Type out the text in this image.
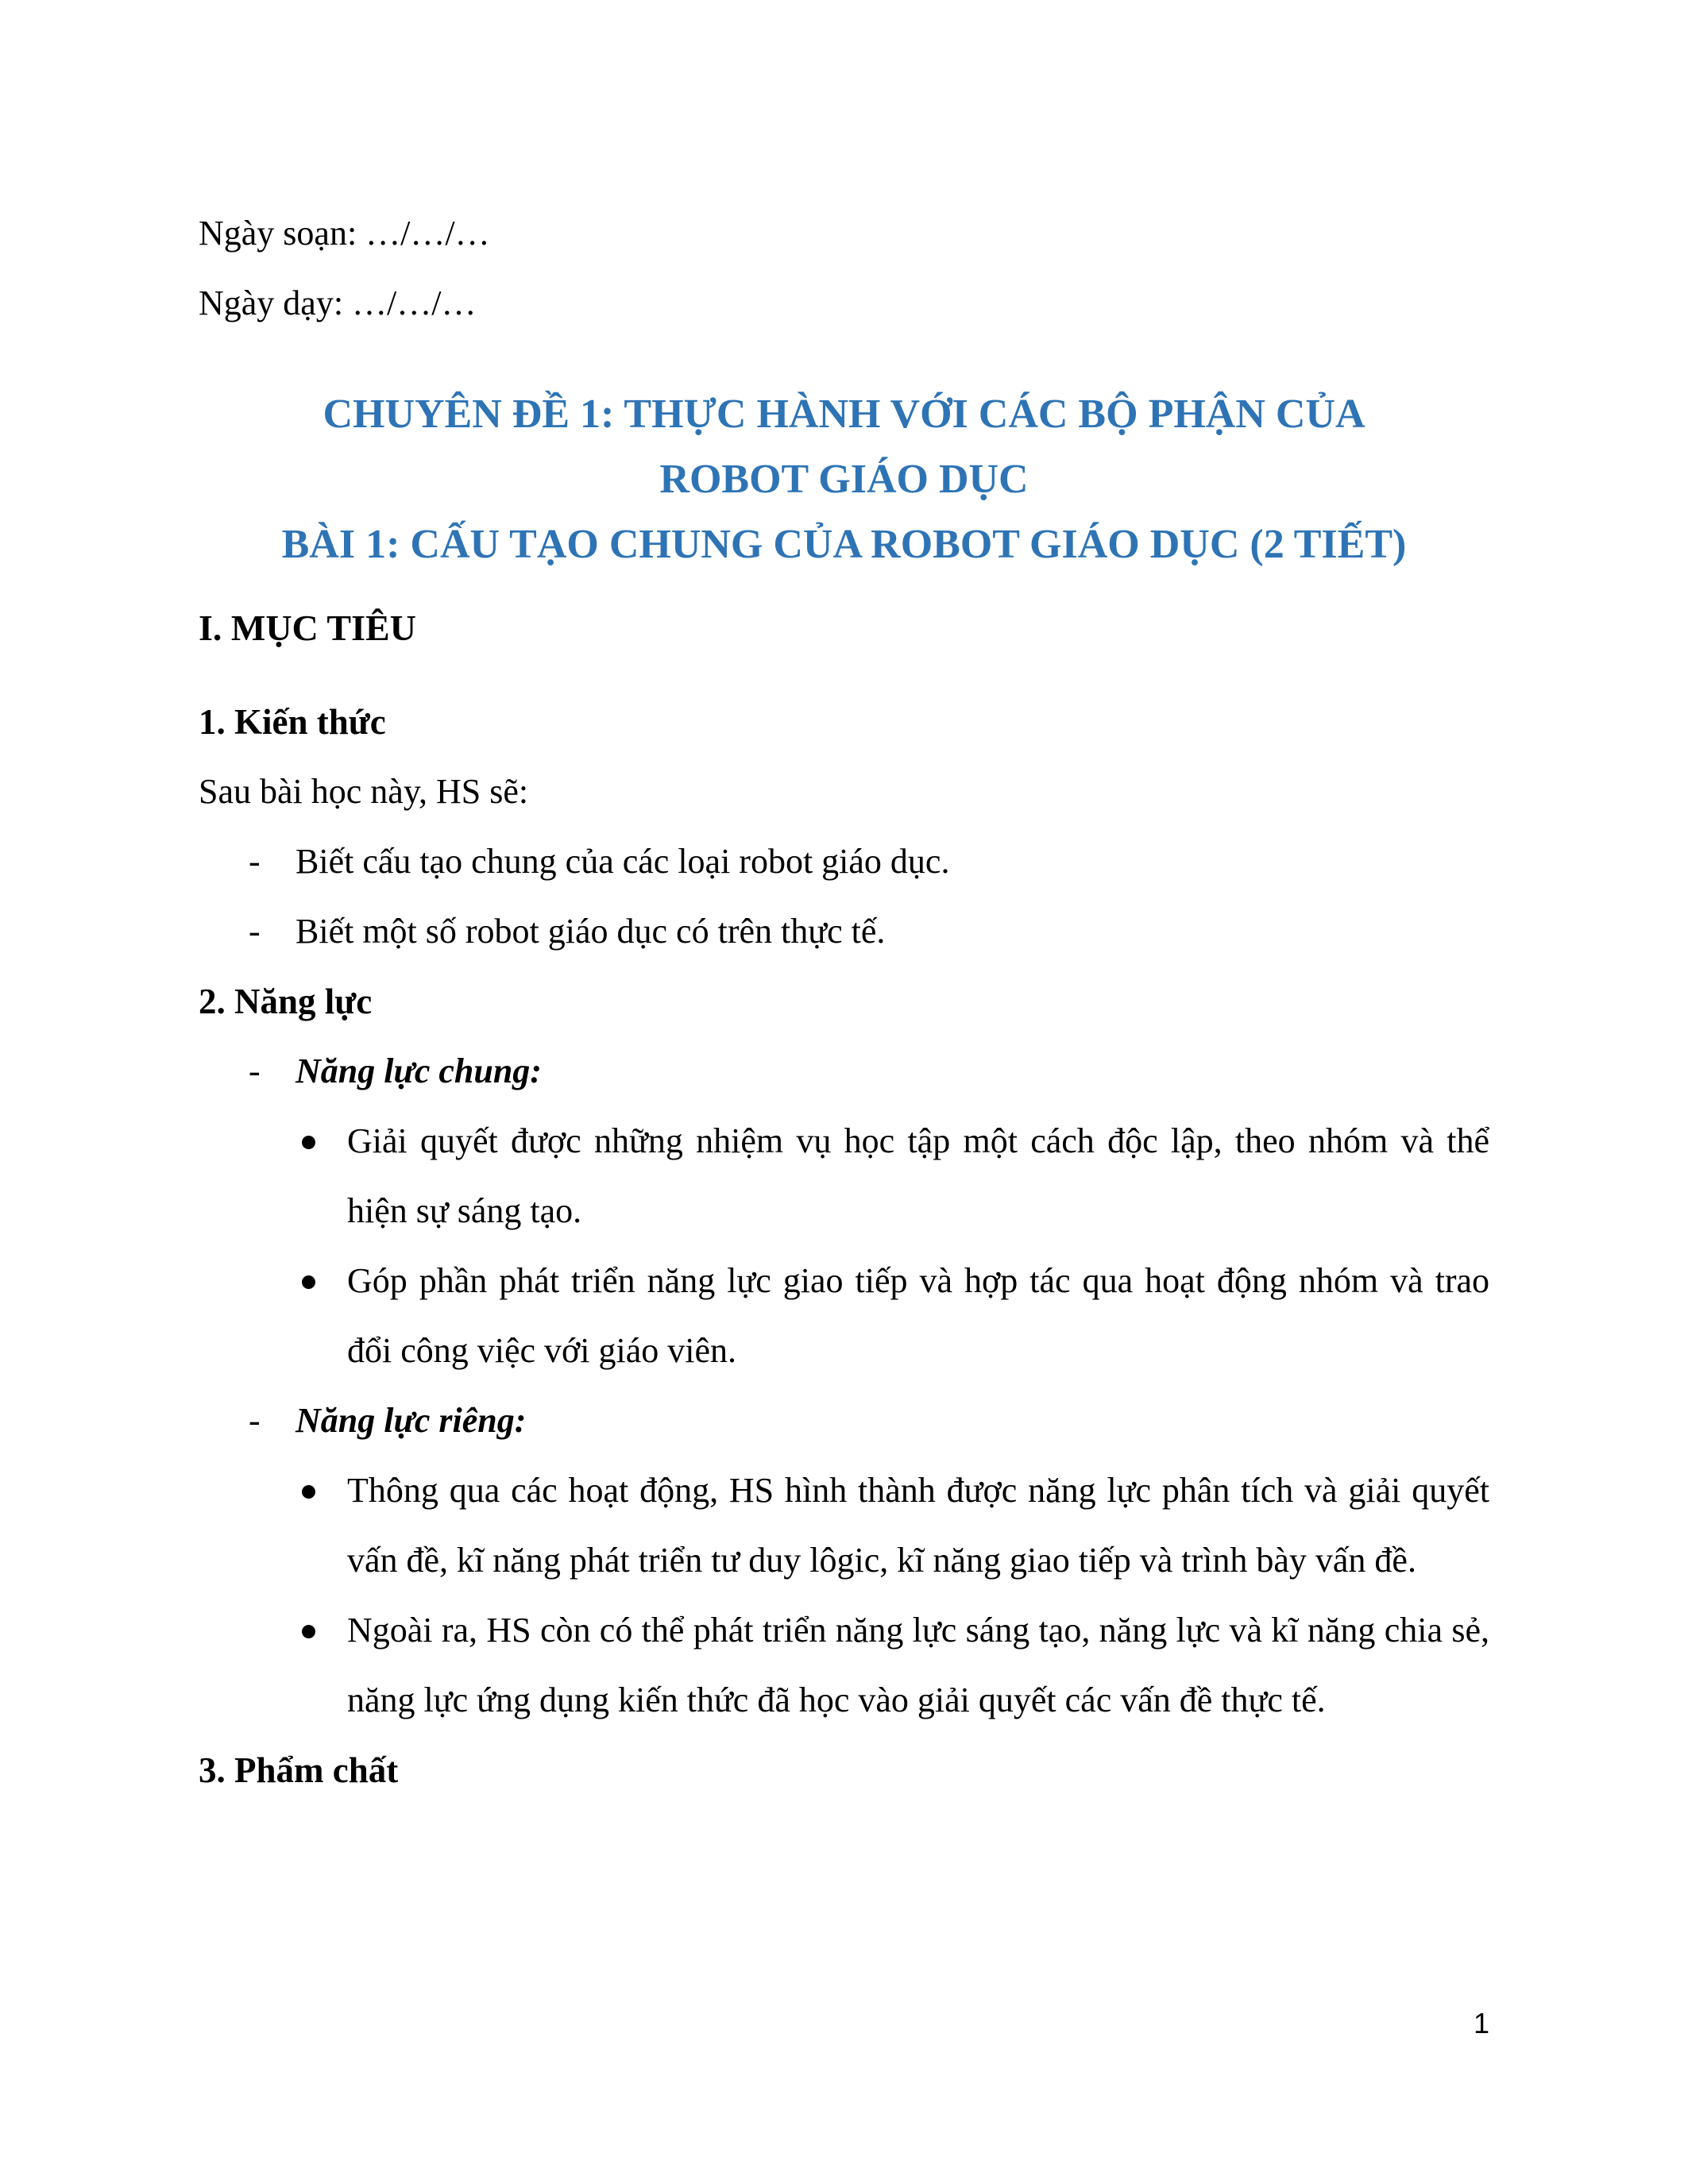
Ngày soạn: …/…/…

Ngày dạy: …/…/…

CHUYÊN ĐỀ 1: THỰC HÀNH VỚI CÁC BỘ PHẬN CỦA
ROBOT GIÁO DỤC
BÀI 1: CẤU TẠO CHUNG CỦA ROBOT GIÁO DỤC (2 TIẾT)
I. MỤC TIÊU
1. Kiến thức

Sau bài học này, HS sẽ:

- Biết cấu tạo chung của các loại robot giáo dục.
- Biết một số robot giáo dục có trên thực tế.
2. Năng lực
- Năng lực chung:
Giải quyết được những nhiệm vụ học tập một cách độc lập, theo nhóm và thể hiện sự sáng tạo.
Góp phần phát triển năng lực giao tiếp và hợp tác qua hoạt động nhóm và trao đổi công việc với giáo viên.
- Năng lực riêng:
Thông qua các hoạt động, HS hình thành được năng lực phân tích và giải quyết vấn đề, kĩ năng phát triển tư duy lôgic, kĩ năng giao tiếp và trình bày vấn đề.
Ngoài ra, HS còn có thể phát triển năng lực sáng tạo, năng lực và kĩ năng chia sẻ, năng lực ứng dụng kiến thức đã học vào giải quyết các vấn đề thực tế.
3. Phẩm chất
1
